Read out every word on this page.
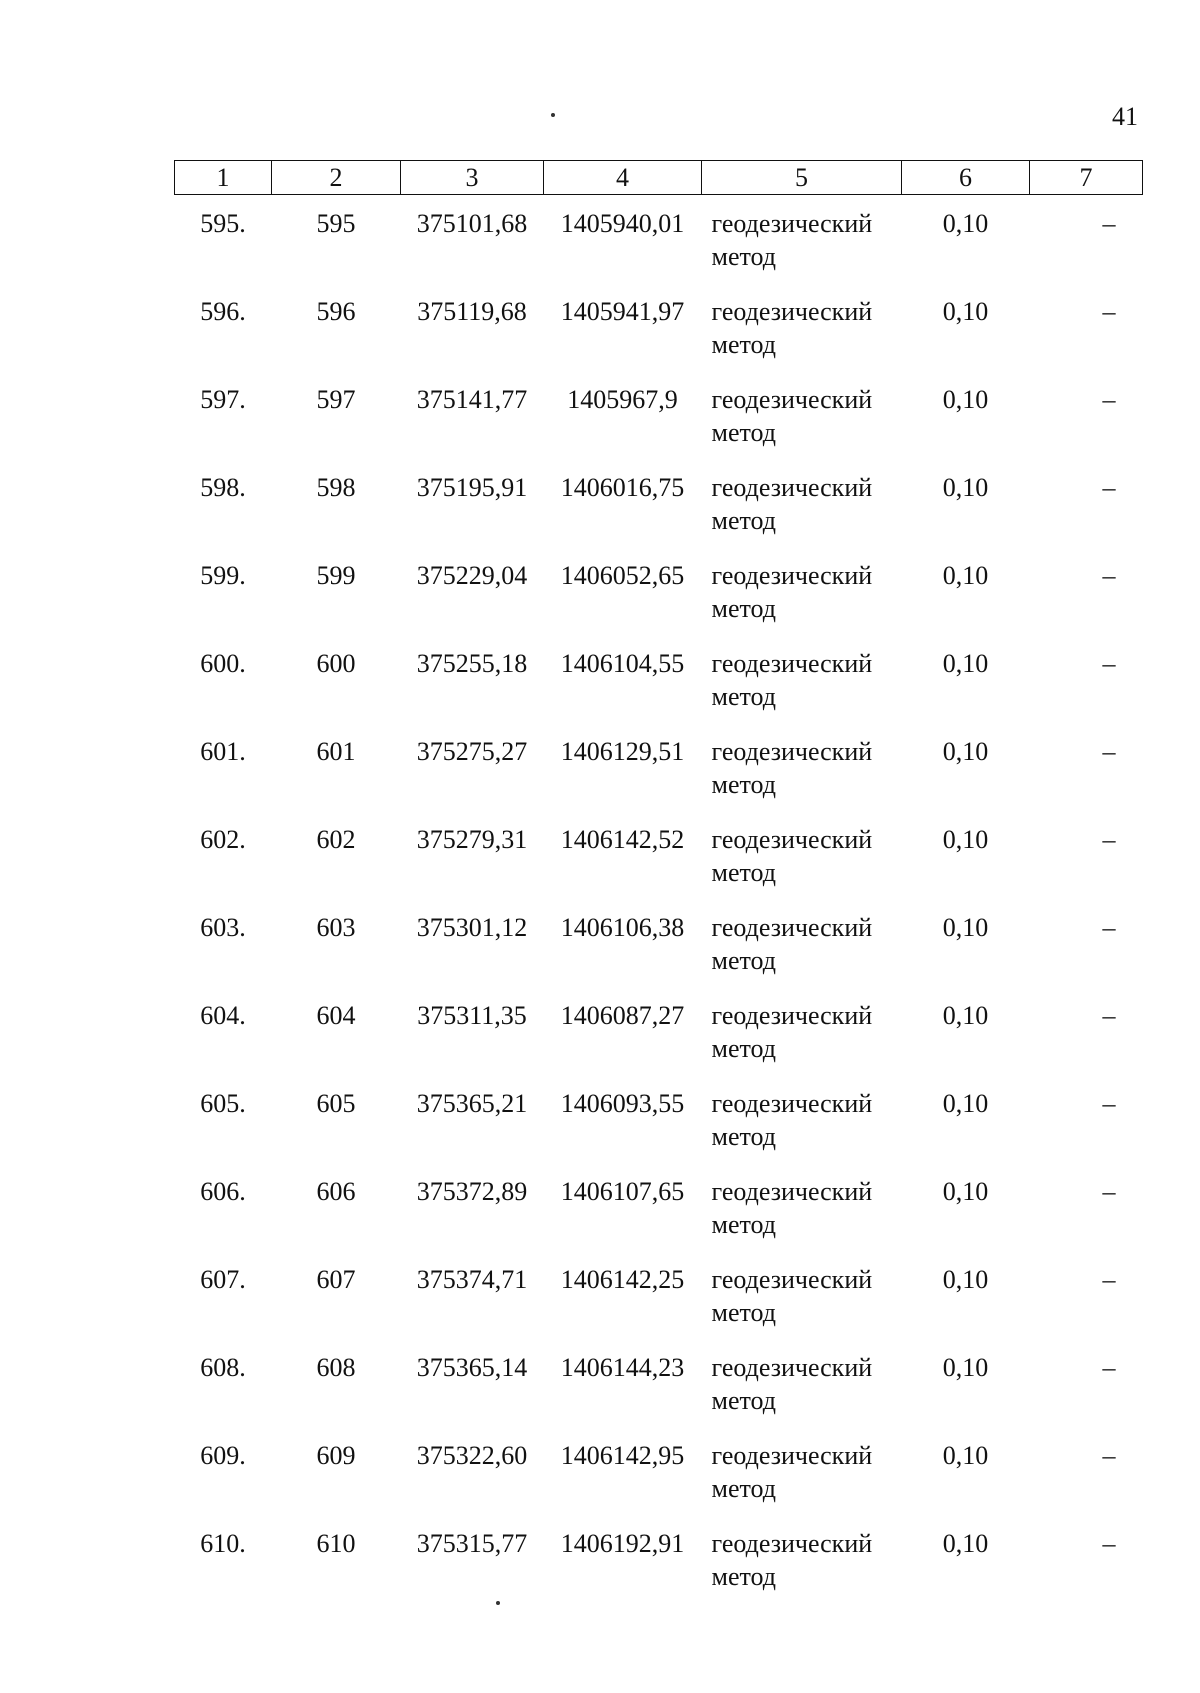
41
1	2	3	4	5	6	7

595.	595	375101,68	1405940,01	геодезический метод	0,10	–
596.	596	375119,68	1405941,97	геодезический метод	0,10	–
597.	597	375141,77	1405967,9	геодезический метод	0,10	–
598.	598	375195,91	1406016,75	геодезический метод	0,10	–
599.	599	375229,04	1406052,65	геодезический метод	0,10	–
600.	600	375255,18	1406104,55	геодезический метод	0,10	–
601.	601	375275,27	1406129,51	геодезический метод	0,10	–
602.	602	375279,31	1406142,52	геодезический метод	0,10	–
603.	603	375301,12	1406106,38	геодезический метод	0,10	–
604.	604	375311,35	1406087,27	геодезический метод	0,10	–
605.	605	375365,21	1406093,55	геодезический метод	0,10	–
606.	606	375372,89	1406107,65	геодезический метод	0,10	–
607.	607	375374,71	1406142,25	геодезический метод	0,10	–
608.	608	375365,14	1406144,23	геодезический метод	0,10	–
609.	609	375322,60	1406142,95	геодезический метод	0,10	–
610.	610	375315,77	1406192,91	геодезический метод	0,10	–
